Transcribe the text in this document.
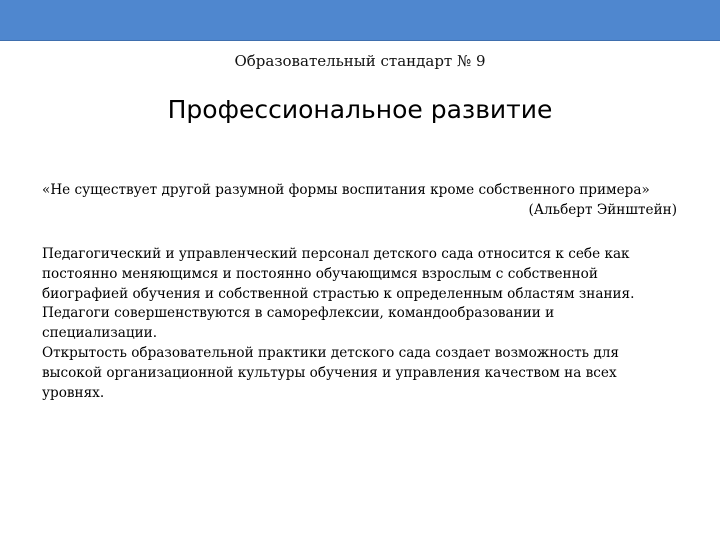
Образовательный стандарт № 9
Профессиональное развитие
«Не существует другой разумной формы воспитания кроме собственного примера»
(Альберт Эйнштейн)
Педагогический и управленческий персонал детского сада относится к себе как
постоянно меняющимся и постоянно обучающимся взрослым с собственной
биографией обучения и собственной страстью к определенным областям знания.
Педагоги совершенствуются в саморефлексии, командообразовании и
специализации.
Открытость образовательной практики детского сада создает возможность для
высокой организационной культуры обучения и управления качеством на всех
уровнях.
